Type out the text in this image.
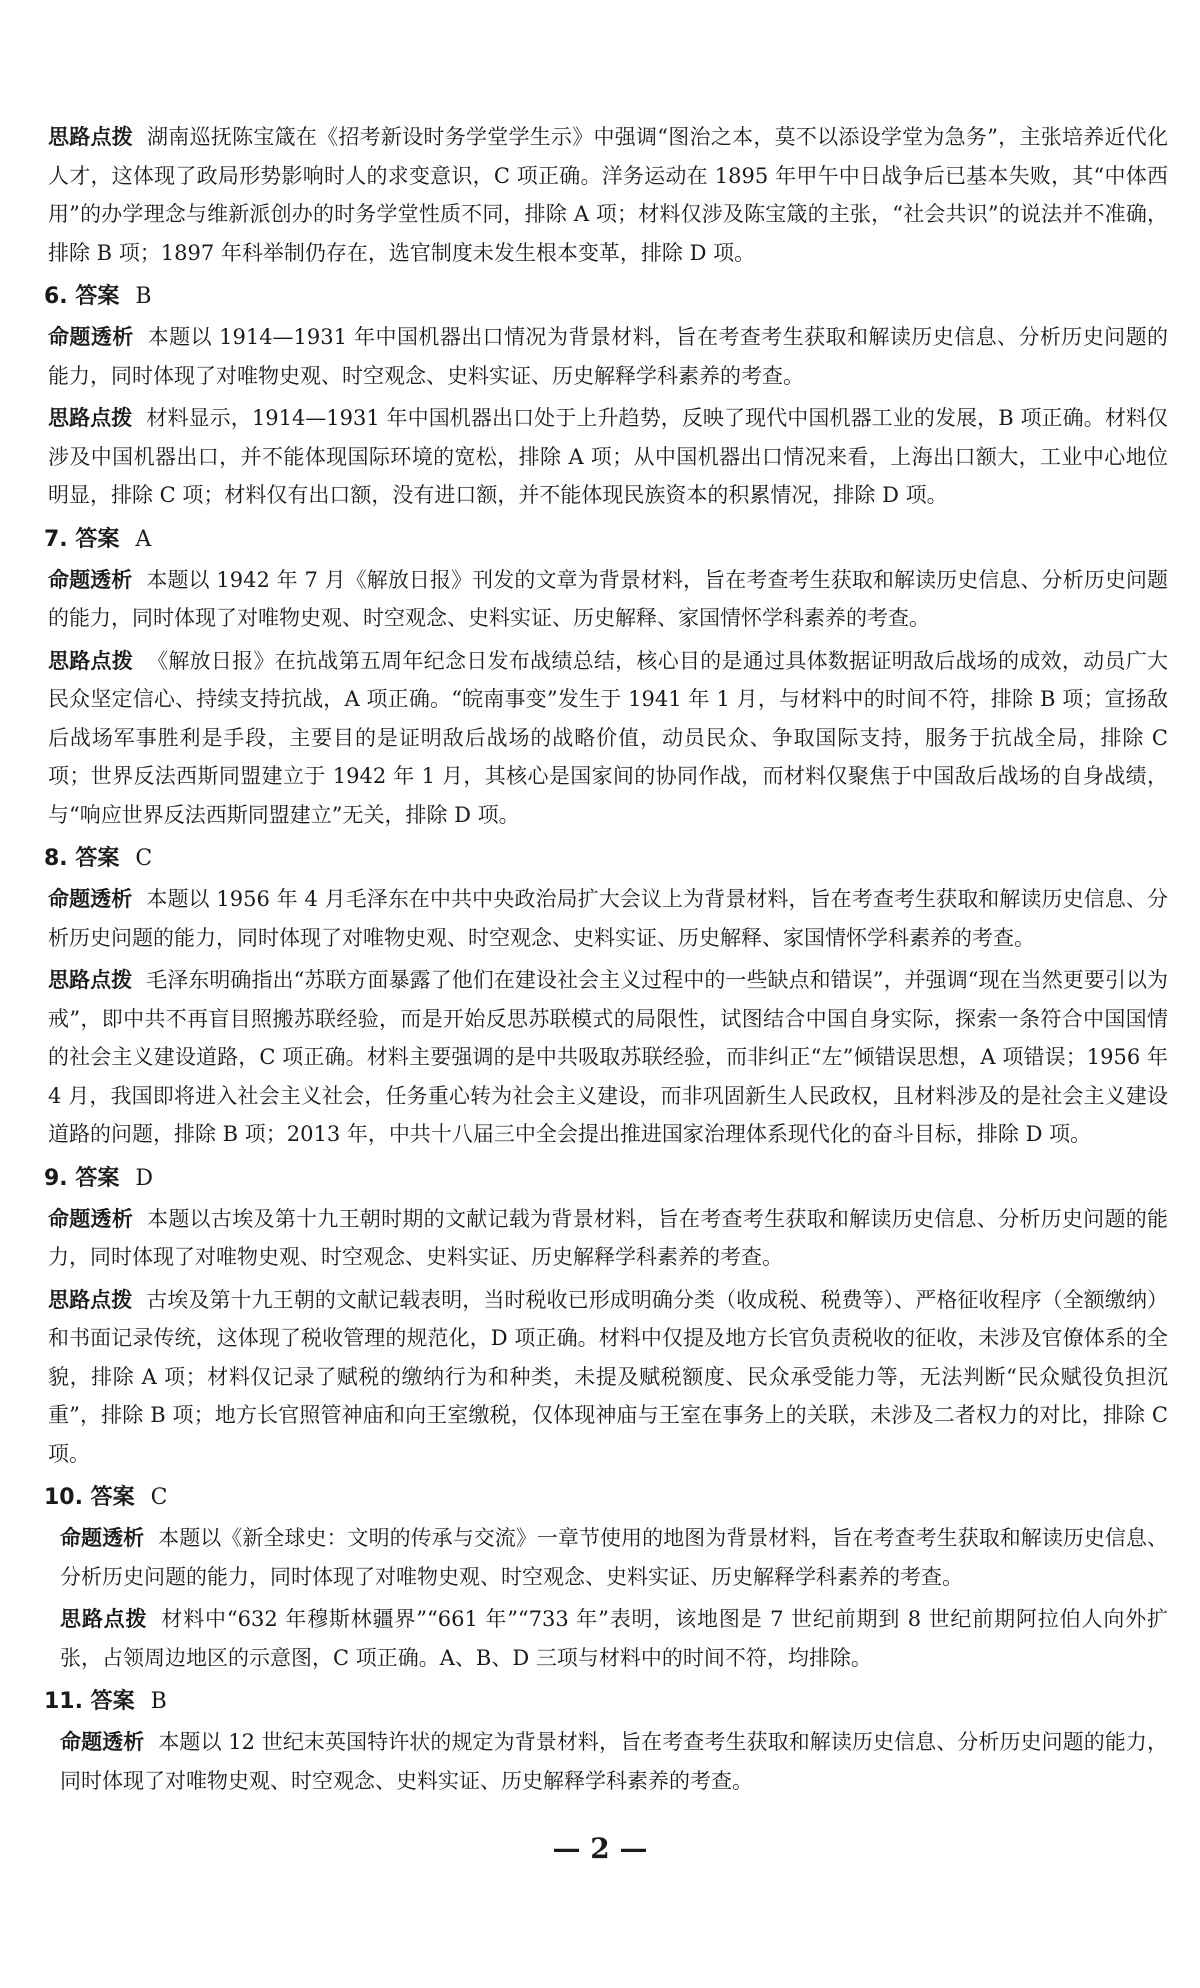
思路点拨 湖南巡抚陈宝箴在《招考新设时务学堂学生示》中强调“图治之本，莫不以添设学堂为急务”，主张培养近代化人才，这体现了政局形势影响时人的求变意识，C 项正确。洋务运动在 1895 年甲午中日战争后已基本失败，其“中体西用”的办学理念与维新派创办的时务学堂性质不同，排除 A 项；材料仅涉及陈宝箴的主张，“社会共识”的说法并不准确，排除 B 项；1897 年科举制仍存在，选官制度未发生根本变革，排除 D 项。

6. 答案 B

命题透析 本题以 1914—1931 年中国机器出口情况为背景材料，旨在考查考生获取和解读历史信息、分析历史问题的能力，同时体现了对唯物史观、时空观念、史料实证、历史解释学科素养的考查。

思路点拨 材料显示，1914—1931 年中国机器出口处于上升趋势，反映了现代中国机器工业的发展，B 项正确。材料仅涉及中国机器出口，并不能体现国际环境的宽松，排除 A 项；从中国机器出口情况来看，上海出口额大，工业中心地位明显，排除 C 项；材料仅有出口额，没有进口额，并不能体现民族资本的积累情况，排除 D 项。

7. 答案 A

命题透析 本题以 1942 年 7 月《解放日报》刊发的文章为背景材料，旨在考查考生获取和解读历史信息、分析历史问题的能力，同时体现了对唯物史观、时空观念、史料实证、历史解释、家国情怀学科素养的考查。

思路点拨 《解放日报》在抗战第五周年纪念日发布战绩总结，核心目的是通过具体数据证明敌后战场的成效，动员广大民众坚定信心、持续支持抗战，A 项正确。“皖南事变”发生于 1941 年 1 月，与材料中的时间不符，排除 B 项；宣扬敌后战场军事胜利是手段，主要目的是证明敌后战场的战略价值，动员民众、争取国际支持，服务于抗战全局，排除 C 项；世界反法西斯同盟建立于 1942 年 1 月，其核心是国家间的协同作战，而材料仅聚焦于中国敌后战场的自身战绩，与“响应世界反法西斯同盟建立”无关，排除 D 项。

8. 答案 C

命题透析 本题以 1956 年 4 月毛泽东在中共中央政治局扩大会议上为背景材料，旨在考查考生获取和解读历史信息、分析历史问题的能力，同时体现了对唯物史观、时空观念、史料实证、历史解释、家国情怀学科素养的考查。

思路点拨 毛泽东明确指出“苏联方面暴露了他们在建设社会主义过程中的一些缺点和错误”，并强调“现在当然更要引以为戒”，即中共不再盲目照搬苏联经验，而是开始反思苏联模式的局限性，试图结合中国自身实际，探索一条符合中国国情的社会主义建设道路，C 项正确。材料主要强调的是中共吸取苏联经验，而非纠正“左”倾错误思想，A 项错误；1956 年 4 月，我国即将进入社会主义社会，任务重心转为社会主义建设，而非巩固新生人民政权，且材料涉及的是社会主义建设道路的问题，排除 B 项；2013 年，中共十八届三中全会提出推进国家治理体系现代化的奋斗目标，排除 D 项。

9. 答案 D

命题透析 本题以古埃及第十九王朝时期的文献记载为背景材料，旨在考查考生获取和解读历史信息、分析历史问题的能力，同时体现了对唯物史观、时空观念、史料实证、历史解释学科素养的考查。

思路点拨 古埃及第十九王朝的文献记载表明，当时税收已形成明确分类（收成税、税费等）、严格征收程序（全额缴纳）和书面记录传统，这体现了税收管理的规范化，D 项正确。材料中仅提及地方长官负责税收的征收，未涉及官僚体系的全貌，排除 A 项；材料仅记录了赋税的缴纳行为和种类，未提及赋税额度、民众承受能力等，无法判断“民众赋役负担沉重”，排除 B 项；地方长官照管神庙和向王室缴税，仅体现神庙与王室在事务上的关联，未涉及二者权力的对比，排除 C 项。

10. 答案 C

命题透析 本题以《新全球史：文明的传承与交流》一章节使用的地图为背景材料，旨在考查考生获取和解读历史信息、分析历史问题的能力，同时体现了对唯物史观、时空观念、史料实证、历史解释学科素养的考查。

思路点拨 材料中“632 年穆斯林疆界”“661 年”“733 年”表明，该地图是 7 世纪前期到 8 世纪前期阿拉伯人向外扩张，占领周边地区的示意图，C 项正确。A、B、D 三项与材料中的时间不符，均排除。

11. 答案 B

命题透析 本题以 12 世纪末英国特许状的规定为背景材料，旨在考查考生获取和解读历史信息、分析历史问题的能力，同时体现了对唯物史观、时空观念、史料实证、历史解释学科素养的考查。

— 2 —
